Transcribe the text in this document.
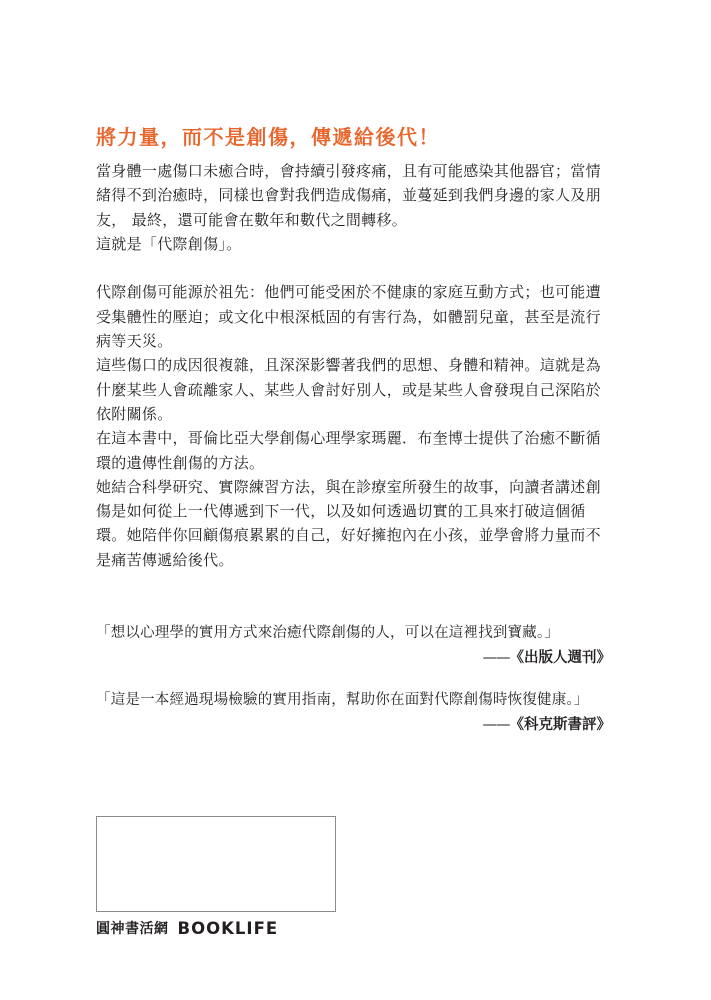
將力量，而不是創傷，傳遞給後代！

當身體一處傷口未癒合時，會持續引發疼痛，且有可能感染其他器官；當情

緒得不到治癒時，同樣也會對我們造成傷痛，並蔓延到我們身邊的家人及朋

友， 最終，還可能會在數年和數代之間轉移。

這就是「代際創傷」。

代際創傷可能源於祖先：他們可能受困於不健康的家庭互動方式；也可能遭

受集體性的壓迫；或文化中根深柢固的有害行為，如體罰兒童，甚至是流行

病等天災。

這些傷口的成因很複雜，且深深影響著我們的思想、身體和精神。這就是為

什麼某些人會疏離家人、某些人會討好別人，或是某些人會發現自己深陷於

依附關係。

在這本書中，哥倫比亞大學創傷心理學家瑪麗．布奎博士提供了治癒不斷循

環的遺傳性創傷的方法。

她結合科學研究、實際練習方法，與在診療室所發生的故事，向讀者講述創

傷是如何從上一代傳遞到下一代，以及如何透過切實的工具來打破這個循

環。她陪伴你回顧傷痕累累的自己，好好擁抱內在小孩，並學會將力量而不

是痛苦傳遞給後代。

「想以心理學的實用方式來治癒代際創傷的人，可以在這裡找到寶藏。」
——《出版人週刊》
「這是一本經過現場檢驗的實用指南，幫助你在面對代際創傷時恢復健康。」
——《科克斯書評》
圓神書活網 BOOKLIFE
